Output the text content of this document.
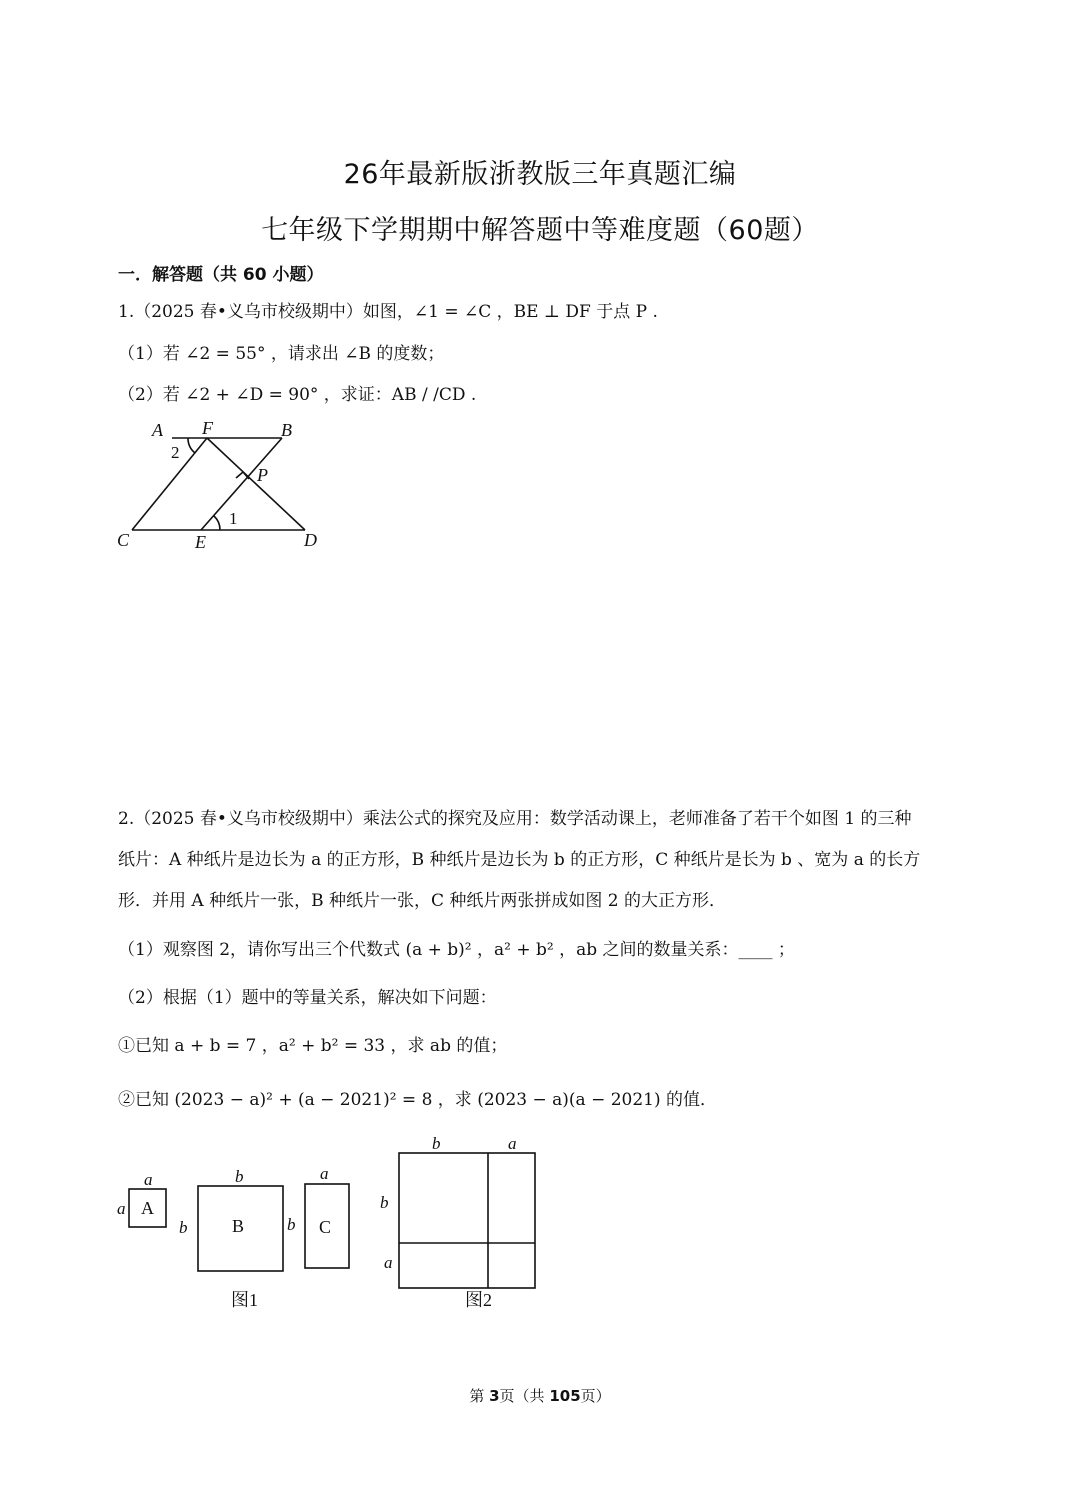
26年最新版浙教版三年真题汇编
七年级下学期期中解答题中等难度题（60题）
一．解答题（共 60 小题）
1.（2025 春•义乌市校级期中）如图，∠1 = ∠C ，BE ⊥ DF 于点 P .
（1）若 ∠2 = 55° ，请求出 ∠B 的度数；
（2）若 ∠2 + ∠D = 90° ，求证：AB / /CD .
A F	B
P
C	E	D
2
1
2.（2025 春•义乌市校级期中）乘法公式的探究及应用：数学活动课上，老师准备了若干个如图 1 的三种
纸片：A 种纸片是边长为 a 的正方形，B 种纸片是边长为 b 的正方形，C 种纸片是长为 b 、宽为 a 的长方
形．并用 A 种纸片一张，B 种纸片一张，C 种纸片两张拼成如图 2 的大正方形．
（1）观察图 2，请你写出三个代数式 (a + b)² ，a² + b² ，ab 之间的数量关系：____ ；
（2）根据（1）题中的等量关系，解决如下问题：
①已知 a + b = 7 ，a² + b² = 33 ，求 ab 的值；
②已知 (2023 − a)² + (a − 2021)² = 8 ，求 (2023 − a)(a − 2021) 的值．
A
B	C
a
a
b
b
a
b
b	a
b
a
图1	图2
第 3页（共 105页）
